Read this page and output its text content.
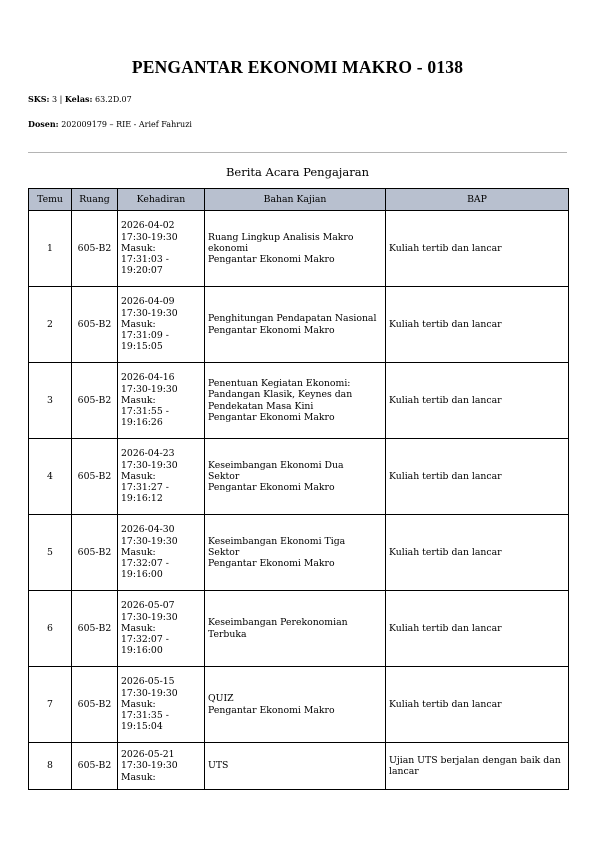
PENGANTAR EKONOMI MAKRO - 0138
SKS: 3 | Kelas: 63.2D.07
Dosen: 202009179 – RIE - Arief Fahruzi
Berita Acara Pengajaran
Temu	Ruang	Kehadiran	Bahan Kajian	BAP
1	605-B2	2026-04-02
17:30-19:30
Masuk:
17:31:03 -
19:20:07	Ruang Lingkup Analisis Makro
ekonomi
Pengantar Ekonomi Makro	Kuliah tertib dan lancar
2	605-B2	2026-04-09
17:30-19:30
Masuk:
17:31:09 -
19:15:05	Penghitungan Pendapatan Nasional
Pengantar Ekonomi Makro	Kuliah tertib dan lancar
3	605-B2	2026-04-16
17:30-19:30
Masuk:
17:31:55 -
19:16:26	Penentuan Kegiatan Ekonomi:
Pandangan Klasik, Keynes dan
Pendekatan Masa Kini
Pengantar Ekonomi Makro	Kuliah tertib dan lancar
4	605-B2	2026-04-23
17:30-19:30
Masuk:
17:31:27 -
19:16:12	Keseimbangan Ekonomi Dua
Sektor
Pengantar Ekonomi Makro	Kuliah tertib dan lancar
5	605-B2	2026-04-30
17:30-19:30
Masuk:
17:32:07 -
19:16:00	Keseimbangan Ekonomi Tiga
Sektor
Pengantar Ekonomi Makro	Kuliah tertib dan lancar
6	605-B2	2026-05-07
17:30-19:30
Masuk:
17:32:07 -
19:16:00	Keseimbangan Perekonomian
Terbuka	Kuliah tertib dan lancar
7	605-B2	2026-05-15
17:30-19:30
Masuk:
17:31:35 -
19:15:04	QUIZ
Pengantar Ekonomi Makro	Kuliah tertib dan lancar
8	605-B2	2026-05-21
17:30-19:30
Masuk:	UTS	Ujian UTS berjalan dengan baik dan lancar
